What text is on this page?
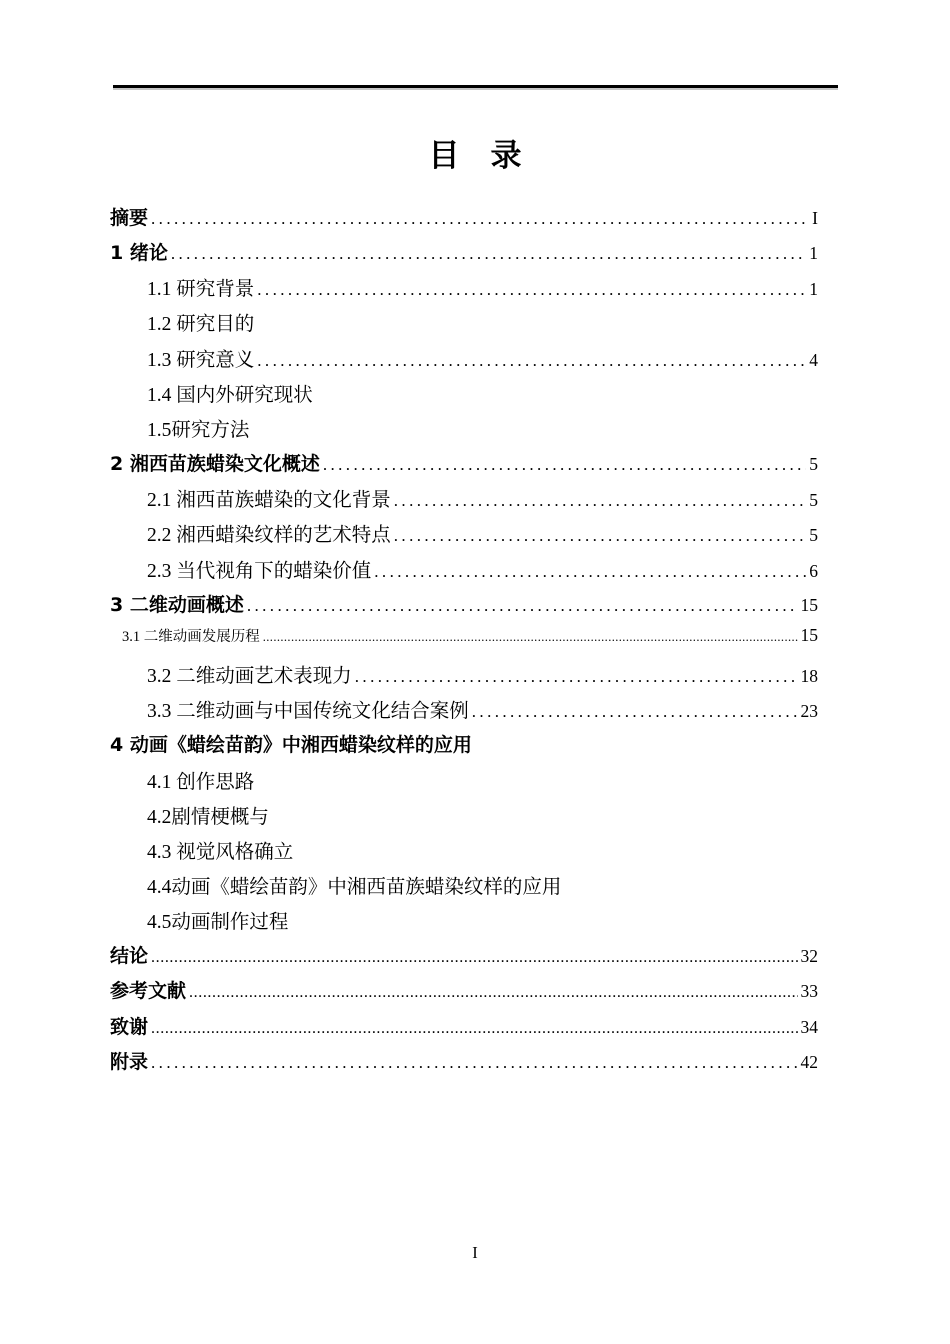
目　录
摘要 .....	I
1 绪论 .....	1
1.1 研究背景 .....	1
1.2 研究目的
1.3 研究意义 .....	4
1.4 国内外研究现状
1.5研究方法
2 湘西苗族蜡染文化概述 .....	5
2.1 湘西苗族蜡染的文化背景 .....	5
2.2 湘西蜡染纹样的艺术特点 .....	5
2.3 当代视角下的蜡染价值 .....	6
3 二维动画概述 .....	15
3.1 二维动画发展历程 .....	15
3.2 二维动画艺术表现力 .....	18
3.3 二维动画与中国传统文化结合案例 .....	23
4 动画《蜡绘苗韵》中湘西蜡染纹样的应用
4.1 创作思路
4.2剧情梗概与
4.3 视觉风格确立
4.4动画《蜡绘苗韵》中湘西苗族蜡染纹样的应用
4.5动画制作过程
结论 .....	32
参考文献 .....	33
致谢 .....	34
附录 .....	42
I
